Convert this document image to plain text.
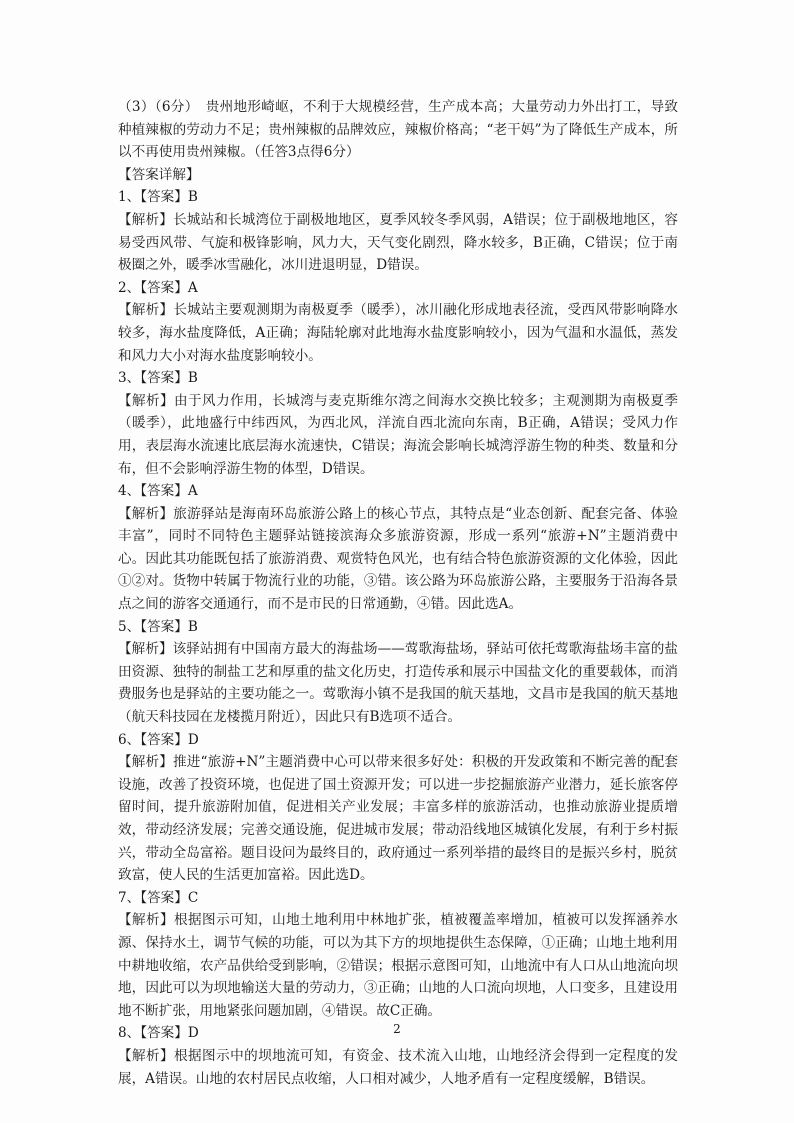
（3）（6分）　贵州地形崎岖，不利于大规模经营，生产成本高；大量劳动力外出打工，导致种植辣椒的劳动力不足；贵州辣椒的品牌效应，辣椒价格高；“老干妈”为了降低生产成本，所以不再使用贵州辣椒。（任答3点得6分）

【答案详解】

1、【答案】B

【解析】长城站和长城湾位于副极地地区，夏季风较冬季风弱，A错误；位于副极地地区，容易受西风带、气旋和极锋影响，风力大，天气变化剧烈，降水较多，B正确，C错误；位于南极圈之外，暖季冰雪融化，冰川进退明显，D错误。

2、【答案】A

【解析】长城站主要观测期为南极夏季（暖季），冰川融化形成地表径流，受西风带影响降水较多，海水盐度降低，A正确；海陆轮廓对此地海水盐度影响较小，因为气温和水温低，蒸发和风力大小对海水盐度影响较小。

3、【答案】B

【解析】由于风力作用，长城湾与麦克斯维尔湾之间海水交换比较多；主观测期为南极夏季（暖季），此地盛行中纬西风，为西北风，洋流自西北流向东南，B正确，A错误；受风力作用，表层海水流速比底层海水流速快，C错误；海流会影响长城湾浮游生物的种类、数量和分布，但不会影响浮游生物的体型，D错误。

4、【答案】A

【解析】旅游驿站是海南环岛旅游公路上的核心节点，其特点是“业态创新、配套完备、体验丰富”，同时不同特色主题驿站链接滨海众多旅游资源，形成一系列“旅游+N”主题消费中心。因此其功能既包括了旅游消费、观赏特色风光，也有结合特色旅游资源的文化体验，因此①②对。货物中转属于物流行业的功能，③错。该公路为环岛旅游公路，主要服务于沿海各景点之间的游客交通通行，而不是市民的日常通勤，④错。因此选A。

5、【答案】B

【解析】该驿站拥有中国南方最大的海盐场——莺歌海盐场，驿站可依托莺歌海盐场丰富的盐田资源、独特的制盐工艺和厚重的盐文化历史，打造传承和展示中国盐文化的重要载体，而消费服务也是驿站的主要功能之一。莺歌海小镇不是我国的航天基地，文昌市是我国的航天基地（航天科技园在龙楼揽月附近），因此只有B选项不适合。

6、【答案】D

【解析】推进“旅游+N”主题消费中心可以带来很多好处：积极的开发政策和不断完善的配套设施，改善了投资环境，也促进了国土资源开发；可以进一步挖掘旅游产业潜力，延长旅客停留时间，提升旅游附加值，促进相关产业发展；丰富多样的旅游活动，也推动旅游业提质增效，带动经济发展；完善交通设施，促进城市发展；带动沿线地区城镇化发展，有利于乡村振兴，带动全岛富裕。题目设问为最终目的，政府通过一系列举措的最终目的是振兴乡村，脱贫致富，使人民的生活更加富裕。因此选D。

7、【答案】C

【解析】根据图示可知，山地土地利用中林地扩张，植被覆盖率增加，植被可以发挥涵养水源、保持水土，调节气候的功能，可以为其下方的坝地提供生态保障，①正确；山地土地利用中耕地收缩，农产品供给受到影响，②错误；根据示意图可知，山地流中有人口从山地流向坝地，因此可以为坝地输送大量的劳动力，③正确；山地的人口流向坝地，人口变多，且建设用地不断扩张，用地紧张问题加剧，④错误。故C正确。

8、【答案】D

【解析】根据图示中的坝地流可知，有资金、技术流入山地，山地经济会得到一定程度的发展，A错误。山地的农村居民点收缩，人口相对减少，人地矛盾有一定程度缓解，B错误。

2
